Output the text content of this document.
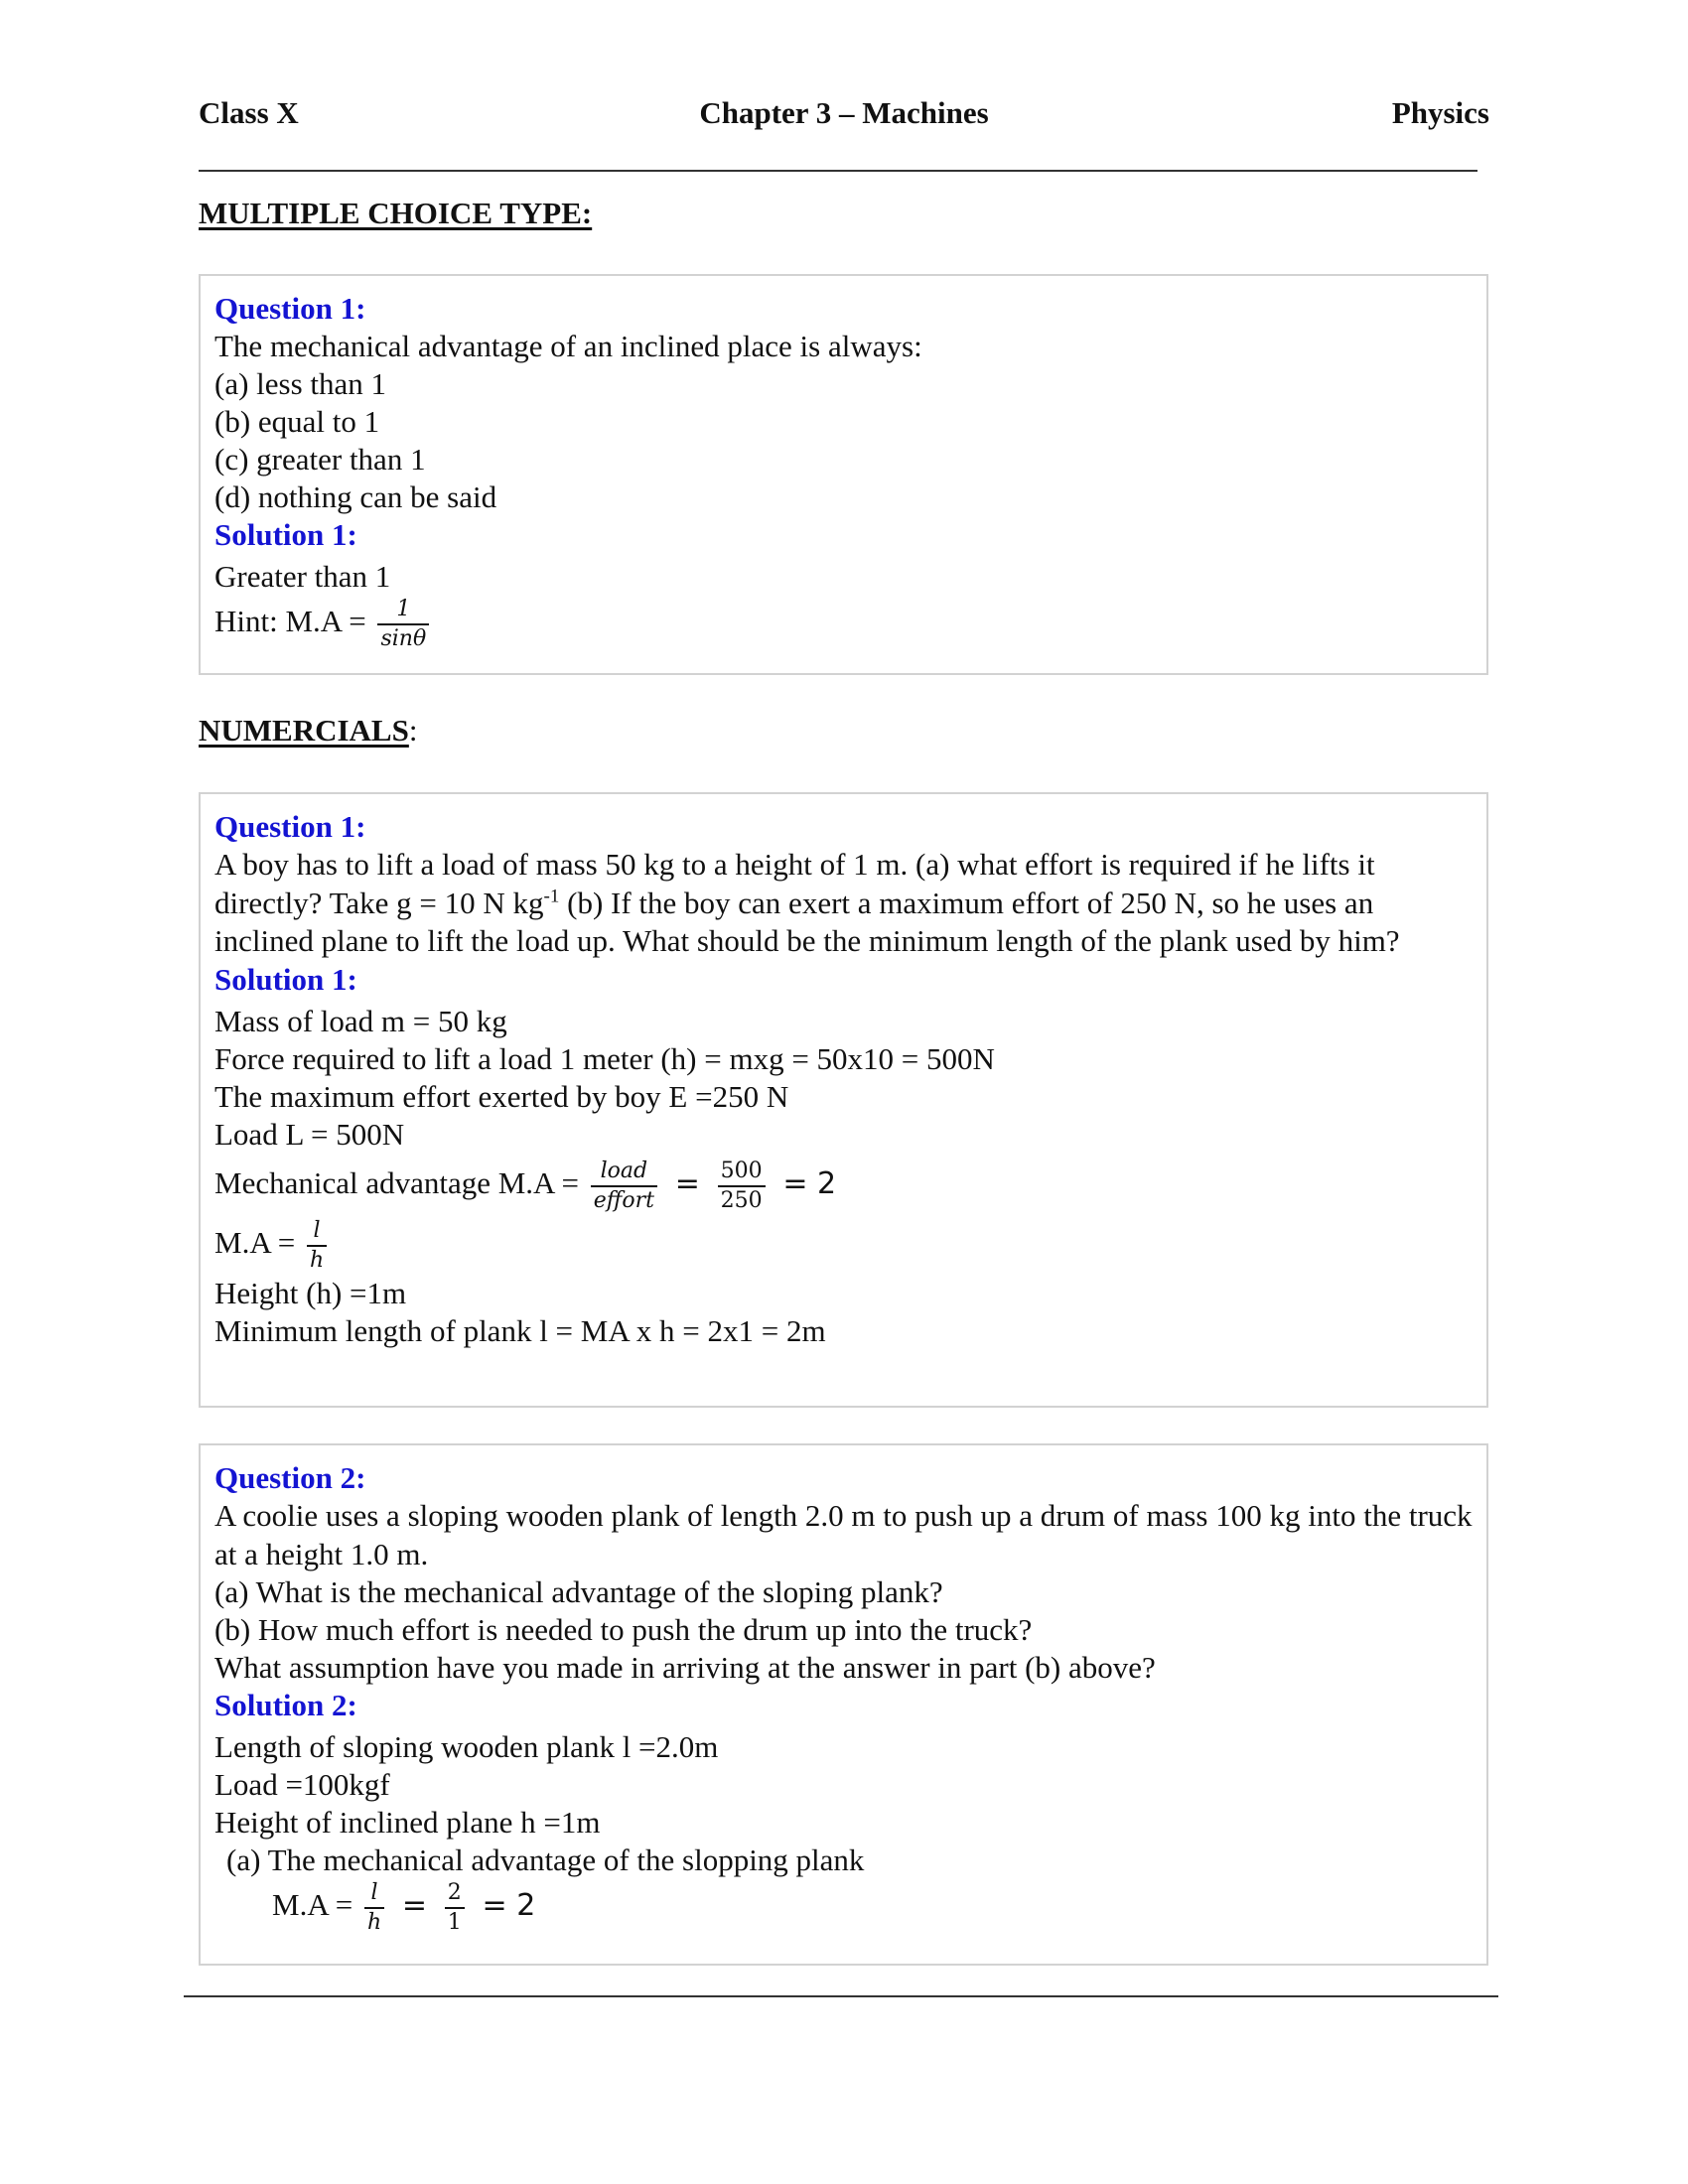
Class X	Chapter 3 – Machines	Physics
MULTIPLE CHOICE TYPE:
Question 1:
The mechanical advantage of an inclined place is always:
(a) less than 1
(b) equal to 1
(c) greater than 1
(d) nothing can be said
Solution 1:
Greater than 1
Hint: $M.A = \frac{1}{\sin\theta}$
NUMERCIALS:
Question 1:
A boy has to lift a load of mass 50 kg to a height of 1 m. (a) what effort is required if he lifts it directly? Take g = 10 N $kg^{-1}$ (b) If the boy can exert a maximum effort of 250 N, so he uses an inclined plane to lift the load up. What should be the minimum length of the plank used by him?
Solution 1:
Mass of load m = 50 kg
Force required to lift a load 1 meter (h) = mxg = 50x10 = 500N
The maximum effort exerted by boy E =250 N
Load L = 500N
Mechanical advantage $M.A = \frac{\text{load}}{\text{effort}} = \frac{500}{250} = 2$
$M.A = \frac{l}{h}$
Height (h) =1m
Minimum length of plank l = MA x h = 2x1 = 2m
Question 2:
A coolie uses a sloping wooden plank of length 2.0 m to push up a drum of mass 100 kg into the truck at a height 1.0 m.
(a) What is the mechanical advantage of the sloping plank?
(b) How much effort is needed to push the drum up into the truck?
What assumption have you made in arriving at the answer in part (b) above?
Solution 2:
Length of sloping wooden plank l =2.0m
Load =100kgf
Height of inclined plane h =1m
(a) The mechanical advantage of the slopping plank
$M.A = \frac{l}{h} = \frac{2}{1} = 2$
